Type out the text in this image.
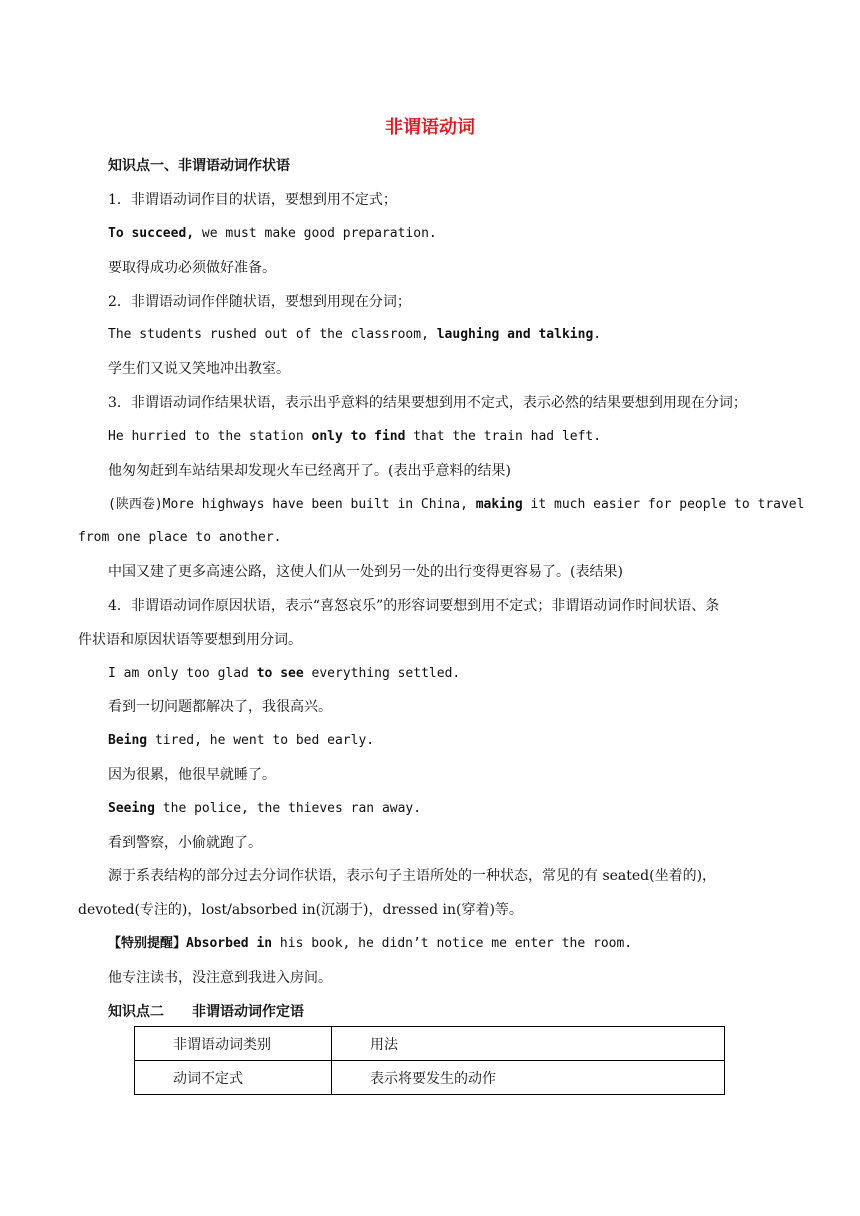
非谓语动词
知识点一、非谓语动词作状语
1．非谓语动词作目的状语，要想到用不定式；
To succeed, we must make good preparation.
要取得成功必须做好准备。
2．非谓语动词作伴随状语，要想到用现在分词；
The students rushed out of the classroom, laughing and talking.
学生们又说又笑地冲出教室。
3．非谓语动词作结果状语，表示出乎意料的结果要想到用不定式，表示必然的结果要想到用现在分词；
He hurried to the station only to find that the train had left.
他匆匆赶到车站结果却发现火车已经离开了。(表出乎意料的结果)
(陕西卷)More highways have been built in China, making it much easier for people to travel
from one place to another.
中国又建了更多高速公路，这使人们从一处到另一处的出行变得更容易了。(表结果)
4．非谓语动词作原因状语，表示“喜怒哀乐”的形容词要想到用不定式；非谓语动词作时间状语、条
件状语和原因状语等要想到用分词。
I am only too glad to see everything settled.
看到一切问题都解决了，我很高兴。
Being tired, he went to bed early.
因为很累，他很早就睡了。
Seeing the police, the thieves ran away.
看到警察，小偷就跑了。
源于系表结构的部分过去分词作状语，表示句子主语所处的一种状态，常见的有 seated(坐着的)，
devoted(专注的)，lost/absorbed in(沉溺于)，dressed in(穿着)等。
【特别提醒】Absorbed in his book, he didn’t notice me enter the room.
他专注读书，没注意到我进入房间。
知识点二　　非谓语动词作定语
非谓语动词类别	用法
动词不定式	表示将要发生的动作
